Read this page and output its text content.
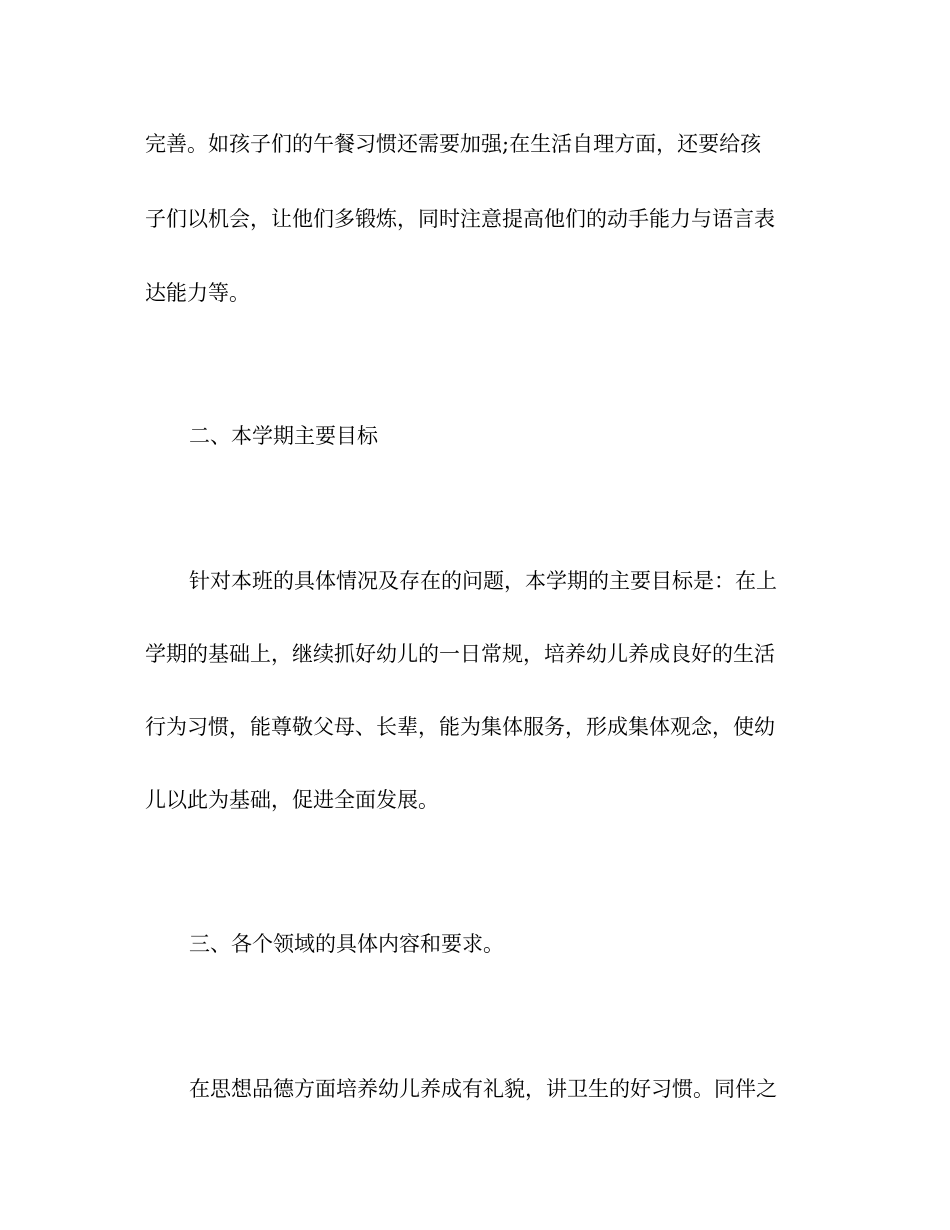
完善。如孩子们的午餐习惯还需要加强;在生活自理方面，还要给孩
子们以机会，让他们多锻炼，同时注意提高他们的动手能力与语言表
达能力等。
二、本学期主要目标
针对本班的具体情况及存在的问题，本学期的主要目标是：在上
学期的基础上，继续抓好幼儿的一日常规，培养幼儿养成良好的生活
行为习惯，能尊敬父母、长辈，能为集体服务，形成集体观念，使幼
儿以此为基础，促进全面发展。
三、各个领域的具体内容和要求。
在思想品德方面培养幼儿养成有礼貌，讲卫生的好习惯。同伴之
